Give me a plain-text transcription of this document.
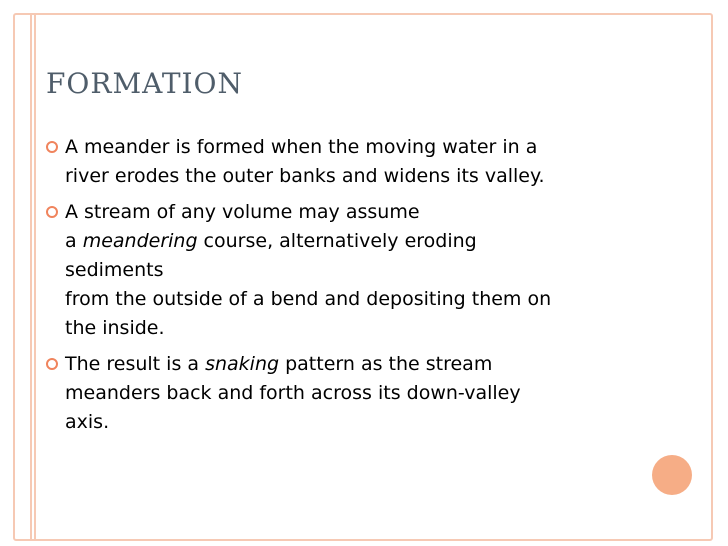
FORMATION
A meander is formed when the moving water in a
river erodes the outer banks and widens its valley.
A stream of any volume may assume
a meandering course, alternatively eroding
sediments
from the outside of a bend and depositing them on
the inside.
The result is a snaking pattern as the stream
meanders back and forth across its down-valley
axis.
